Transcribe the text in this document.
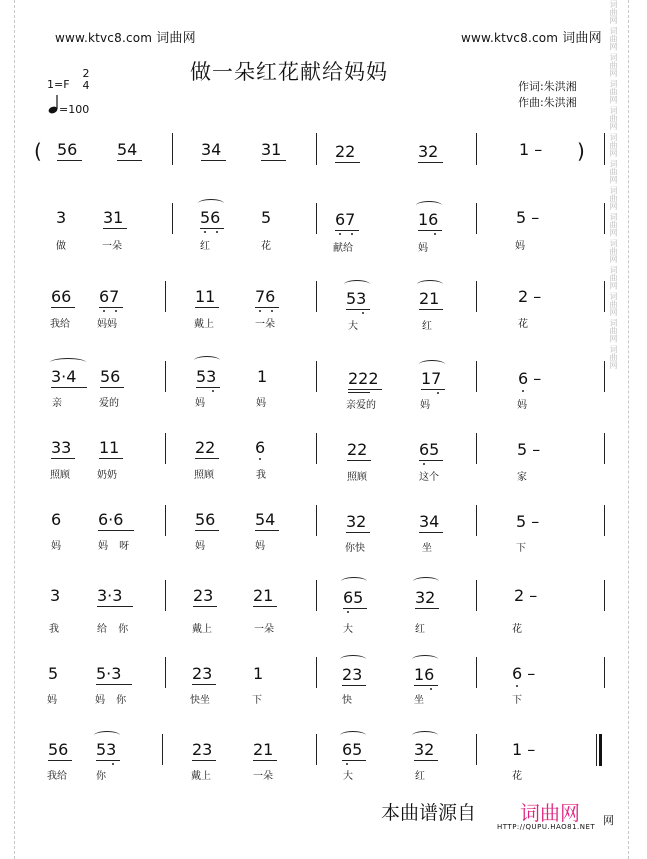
词曲网 词曲网 词曲网 词曲网 词曲网 词曲网 词曲网 词曲网 词曲网 词曲网 词曲网 词曲网 词曲网 词曲网
www.ktvc8.com 词曲网	www.ktvc8.com 词曲网
做一朵红花献给妈妈
1=F
2
4
=100
作词:朱洪湘
作曲:朱洪湘
( 56 54	34 31	22	32	1 – )
3 31	56	5	67	16	5 –
做	一朵	红	花	献给	妈	妈
66 67	11 76	53	21	2 –
我给	妈妈	戴上	一朵	大	红	花
3·4 56	53	1	222	17	6 –
亲	爱的	妈	妈	亲爱的	妈	妈
33 11	22 6	22	65	5 –
照顾	奶奶	照顾	我	照顾	这个	家
6 6·6	56 54	32	34	5 –
妈	妈 呀	妈	妈	你快	坐	下
3 3·3	23 21	65	32	2 –
我	给 你	戴上	一朵	大	红	花
5 5·3	23	1	23	16	6 –
妈	妈 你	快坐	下	快	坐	下
56 53	23	21	65	32	1 –
我给	你	戴上	一朵	大	红	花
本曲谱源自 词曲网 网
HTTP://QUPU.HAO81.NET
